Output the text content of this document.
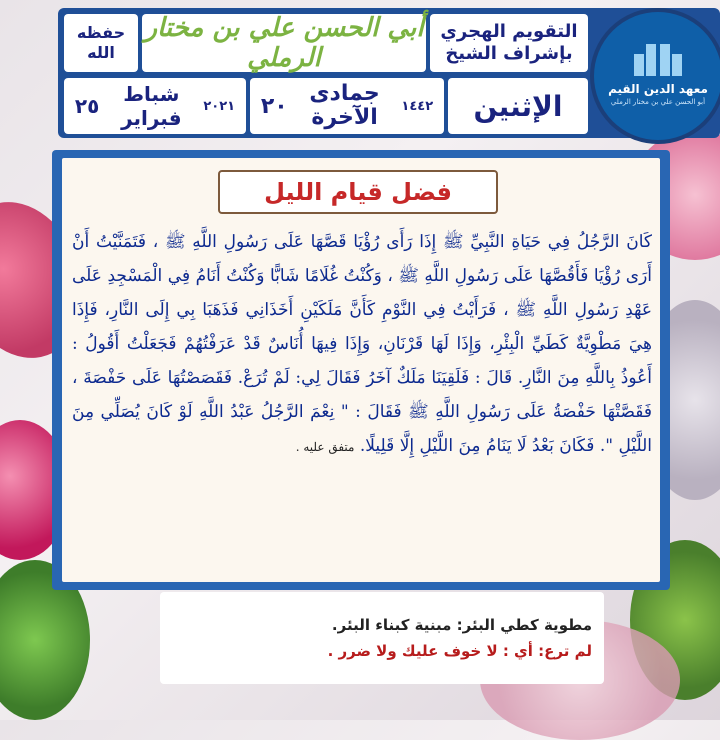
معهد الدين القيم
أبو الحسن علي بن مختار الرملي
التقويم الهجري
بإشراف الشيخ
أبي الحسن علي بن مختار الرملي
حفظه
الله
الإثنين
٢٠ جمادى
الآخرة ١٤٤٢
٢٥ شباط
فبراير ٢٠٢١
فضل قيام الليل
كَانَ الرَّجُلُ فِي حَيَاةِ النَّبِيِّ ﷺ إِذَا رَأَى رُؤْيَا قَصَّهَا عَلَى رَسُولِ اللَّهِ ﷺ ، فَتَمَنَّيْتُ أَنْ أَرَى رُؤْيَا فَأَقُصَّهَا عَلَى رَسُولِ اللَّهِ ﷺ ، وَكُنْتُ غُلَامًا شَابًّا وَكُنْتُ أَنَامُ فِي الْمَسْجِدِ عَلَى عَهْدِ رَسُولِ اللَّهِ ﷺ ، فَرَأَيْتُ فِي النَّوْمِ كَأَنَّ مَلَكَيْنِ أَخَذَانِي فَذَهَبَا بِي إِلَى النَّارِ، فَإِذَا هِيَ مَطْوِيَّةٌ كَطَيِّ الْبِئْرِ، وَإِذَا لَهَا قَرْنَانِ، وَإِذَا فِيهَا أُنَاسٌ قَدْ عَرَفْتُهُمْ فَجَعَلْتُ أَقُولُ : أَعُوذُ بِاللَّهِ مِنَ النَّارِ. قَالَ : فَلَقِيَنَا مَلَكٌ آخَرُ فَقَالَ لِي: لَمْ تُرَعْ. فَقَصَصْتُهَا عَلَى حَفْصَةَ ، فَقَصَّتْهَا حَفْصَةُ عَلَى رَسُولِ اللَّهِ ﷺ فَقَالَ : " نِعْمَ الرَّجُلُ عَبْدُ اللَّهِ لَوْ كَانَ يُصَلِّي مِنَ اللَّيْلِ ". فَكَانَ بَعْدُ لَا يَنَامُ مِنَ اللَّيْلِ إِلَّا قَلِيلًا. متفق عليه .
مطوية كطي البئر: مبنية كبناء البئر.
لم ترع: أي : لا خوف عليك ولا ضرر .
